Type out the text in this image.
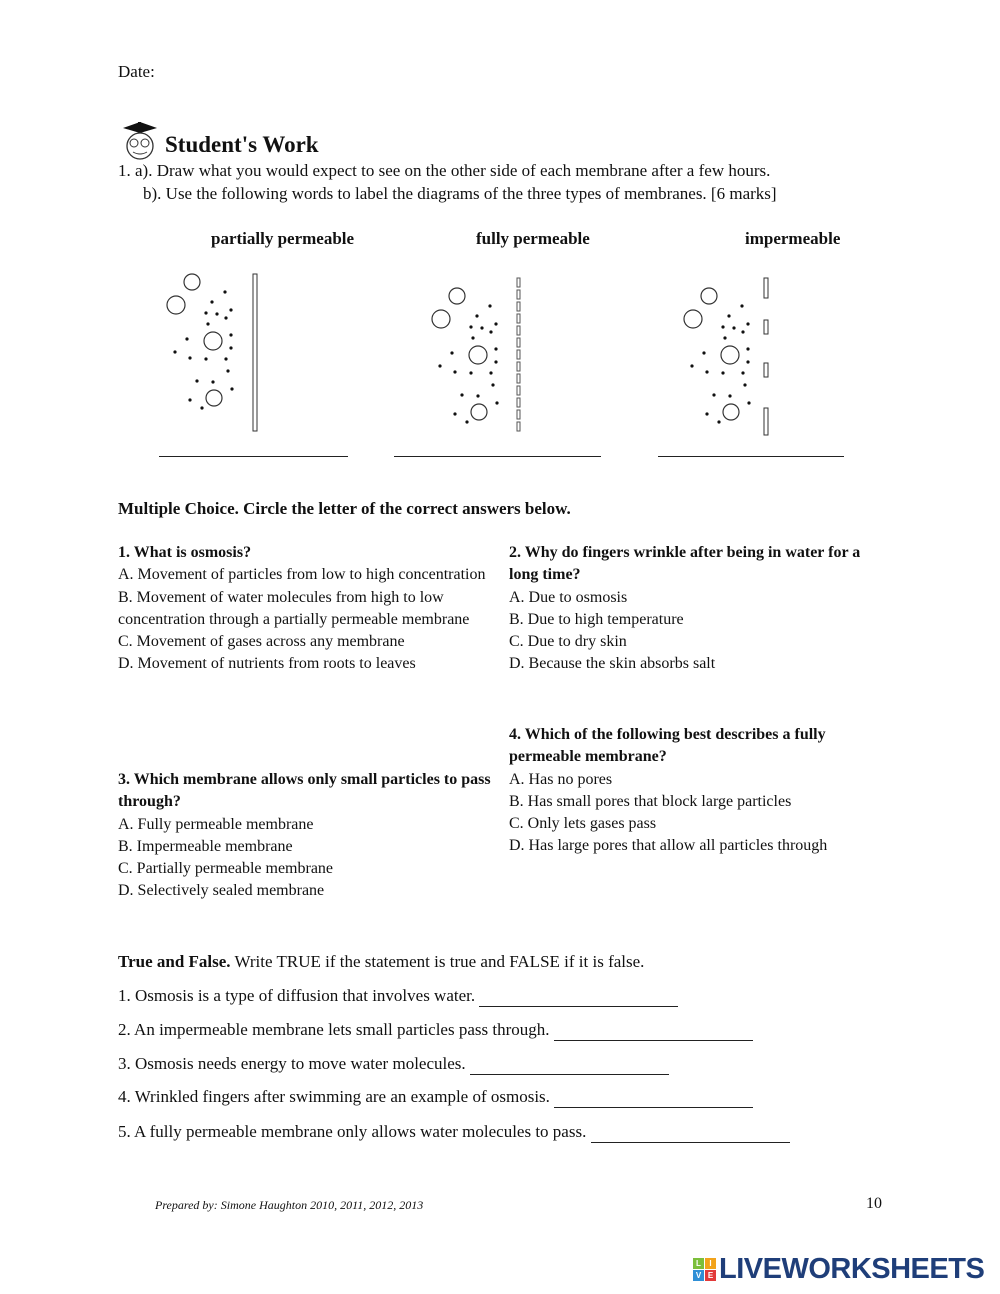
Date:
Student's Work
1. a). Draw what you would expect to see on the other side of each membrane after a few hours.
b). Use the following words to label the diagrams of the three types of membranes. [6 marks]
partially permeable	fully permeable	impermeable
Multiple Choice. Circle the letter of the correct answers below.
1. What is osmosis?
A. Movement of particles from low to high concentration
B. Movement of water molecules from high to low concentration through a partially permeable membrane
C. Movement of gases across any membrane
D. Movement of nutrients from roots to leaves
2. Why do fingers wrinkle after being in water for a long time?
A. Due to osmosis
B. Due to high temperature
C. Due to dry skin
D. Because the skin absorbs salt
3. Which membrane allows only small particles to pass through?
A. Fully permeable membrane
B. Impermeable membrane
C. Partially permeable membrane
D. Selectively sealed membrane
4. Which of the following best describes a fully permeable membrane?
A. Has no pores
B. Has small pores that block large particles
C. Only lets gases pass
D. Has large pores that allow all particles through
True and False. Write TRUE if the statement is true and FALSE if it is false.
1. Osmosis is a type of diffusion that involves water.
2. An impermeable membrane lets small particles pass through.
3. Osmosis needs energy to move water molecules.
4. Wrinkled fingers after swimming are an example of osmosis.
5. A fully permeable membrane only allows water molecules to pass.
Prepared by: Simone Haughton 2010, 2011, 2012, 2013	10
L	I
V E LIVEWORKSHEETS
